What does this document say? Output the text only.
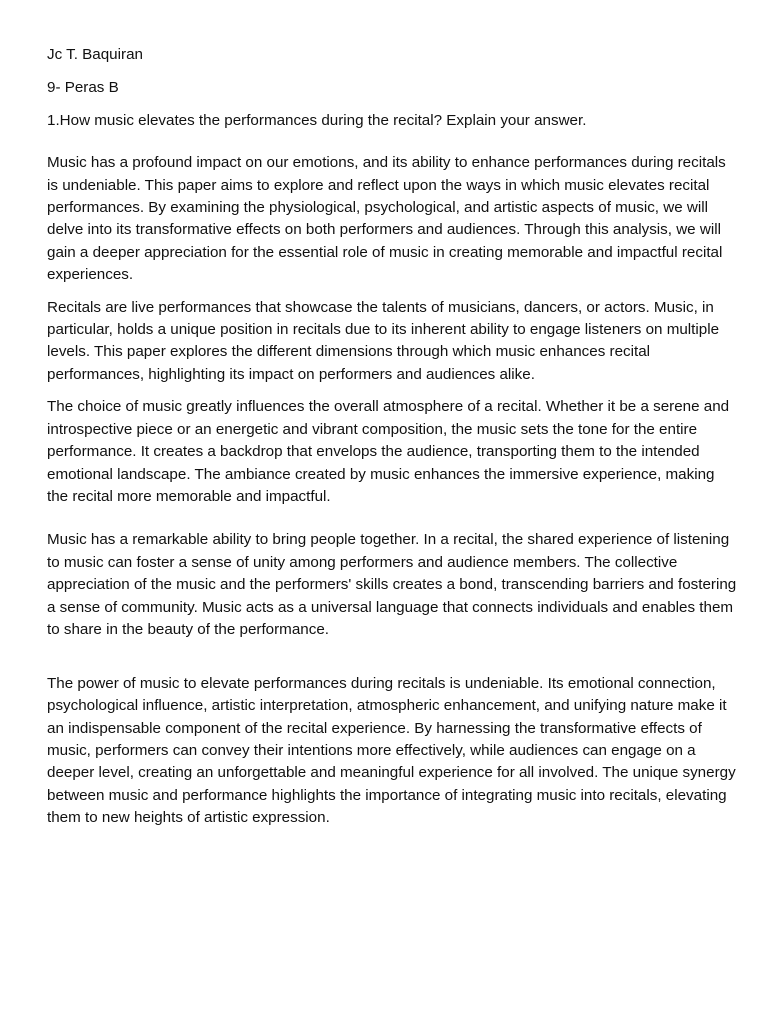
Jc T. Baquiran

9- Peras B

1.How music elevates the performances during the recital? Explain your answer.

Music has a profound impact on our emotions, and its ability to enhance performances during recitals is undeniable. This paper aims to explore and reflect upon the ways in which music elevates recital performances. By examining the physiological, psychological, and artistic aspects of music, we will delve into its transformative effects on both performers and audiences. Through this analysis, we will gain a deeper appreciation for the essential role of music in creating memorable and impactful recital experiences.

Recitals are live performances that showcase the talents of musicians, dancers, or actors. Music, in particular, holds a unique position in recitals due to its inherent ability to engage listeners on multiple levels. This paper explores the different dimensions through which music enhances recital performances, highlighting its impact on performers and audiences alike.

The choice of music greatly influences the overall atmosphere of a recital. Whether it be a serene and introspective piece or an energetic and vibrant composition, the music sets the tone for the entire performance. It creates a backdrop that envelops the audience, transporting them to the intended emotional landscape. The ambiance created by music enhances the immersive experience, making the recital more memorable and impactful.

Music has a remarkable ability to bring people together. In a recital, the shared experience of listening to music can foster a sense of unity among performers and audience members. The collective appreciation of the music and the performers' skills creates a bond, transcending barriers and fostering a sense of community. Music acts as a universal language that connects individuals and enables them to share in the beauty of the performance.

The power of music to elevate performances during recitals is undeniable. Its emotional connection, psychological influence, artistic interpretation, atmospheric enhancement, and unifying nature make it an indispensable component of the recital experience. By harnessing the transformative effects of music, performers can convey their intentions more effectively, while audiences can engage on a deeper level, creating an unforgettable and meaningful experience for all involved. The unique synergy between music and performance highlights the importance of integrating music into recitals, elevating them to new heights of artistic expression.
